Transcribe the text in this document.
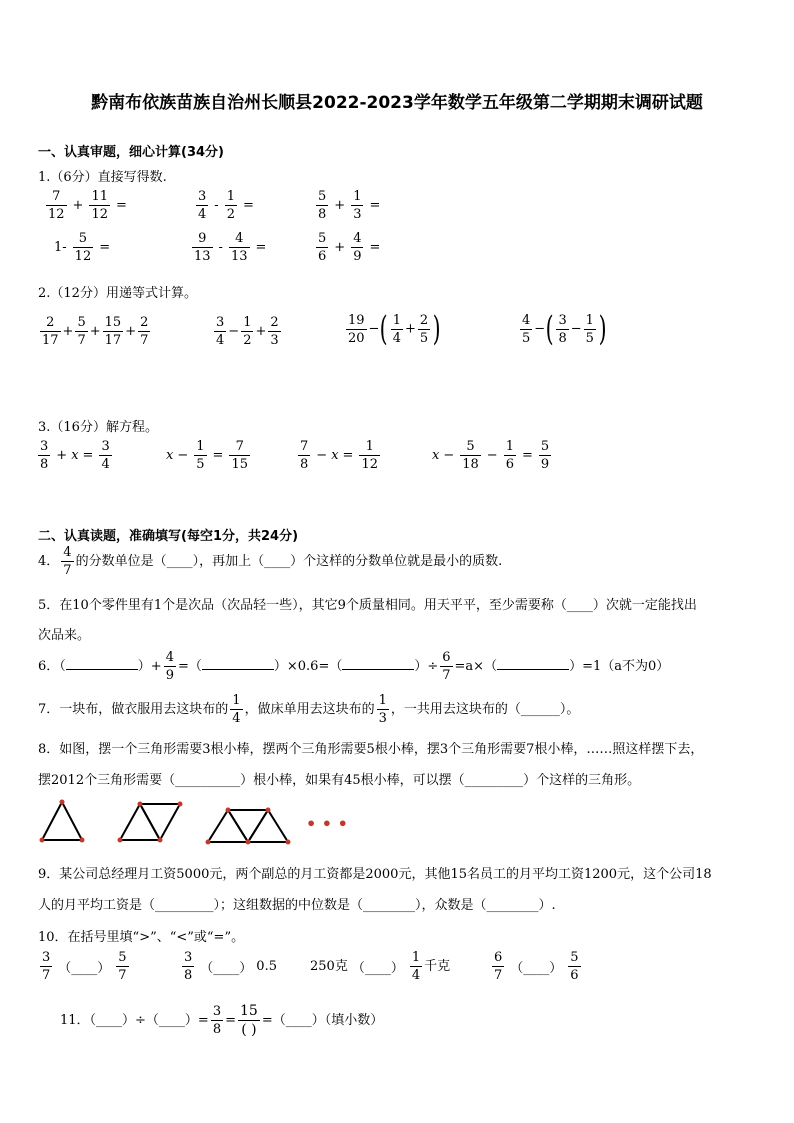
黔南布依族苗族自治州长顺县2022-2023学年数学五年级第二学期期末调研试题
一、认真审题，细心计算(34分)
1.（6分）直接写得数.
2.（12分）用递等式计算。
3.（16分）解方程。
二、认真读题，准确填写(每空1分，共24分)
4． $\frac{4}{7}$ 的分数单位是（____），再加上（____）个这样的分数单位就是最小的质数.
5．在10个零件里有1个是次品（次品轻一些），其它9个质量相同。用天平平，至少需要称（____）次就一定能找出
次品来。
6．（	）+ $\frac{4}{9}$ =（	）×0.6=（	）÷ $\frac{6}{7} =a\times$（	）=1（a不为0）
7．一块布，做衣服用去这块布的 $\frac{1}{4}$ ，做床单用去这块布的 $\frac{1}{3}$ ，一共用去这块布的（______）。
8．如图，摆一个三角形需要3根小棒，摆两个三角形需要5根小棒，摆3个三角形需要7根小棒，……照这样摆下去，
摆2012个三角形需要（__________）根小棒，如果有45根小棒，可以摆（_________）个这样的三角形。
• • •
9．某公司总经理月工资5000元，两个副总的月工资都是2000元，其他15名员工的月平均工资1200元，这个公司18
人的月平均工资是（_________）；这组数据的中位数是（________），众数是（________）.
10．在括号里填“>”、“<”或“=”。
11．（____）÷（____）= $\frac{3}{8}$ =
15
( )
=（____）（填小数）
$\frac{7}{12} + \frac{11}{12}$ =	$\frac{3}{4} - \frac{1}{2}$ =	$\frac{5}{8} + \frac{1}{3}$ =
$1- \frac{5}{12}$ =	$\frac{9}{13} - \frac{4}{13}$ =	$\frac{5}{6} + \frac{4}{9}$ =
$\frac{2}{17} + \frac{5}{7} + \frac{15}{17} + \frac{2}{7}$	$\frac{3}{4} - \frac{1}{2} + \frac{2}{3}$	$\frac{19}{20}$ −( $\frac{1}{4} + \frac{2}{5}$ )	$\frac{4}{5}$ −( $\frac{3}{8} - \frac{1}{5}$ )
$\frac{3}{8} + x = \frac{3}{4}$	$x - \frac{1}{5} = \frac{7}{15}$	$\frac{7}{8} - x = \frac{1}{12}$	$x - \frac{5}{18} - \frac{1}{6} = \frac{5}{9}$
$\frac{3}{7}$ （____） $\frac{5}{7}$	$\frac{3}{8}$ （____） 0.5	250克 （____） $\frac{1}{4}$ 千克	$\frac{6}{7}$ （____） $\frac{5}{6}$
